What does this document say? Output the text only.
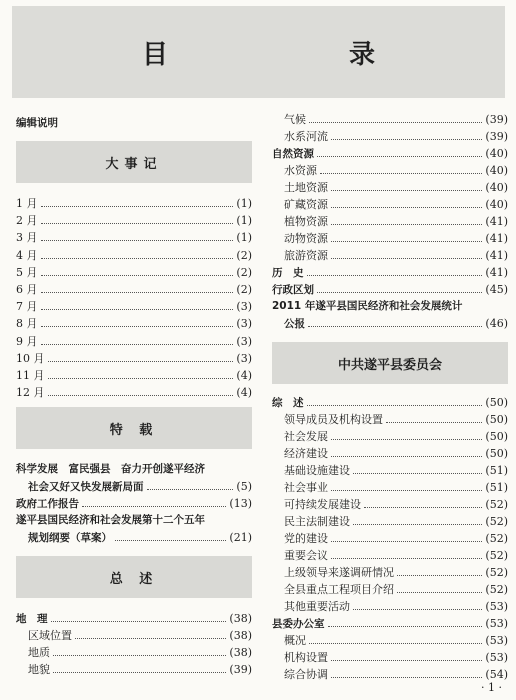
目 录
编辑说明
大事记
1 月	(1)
2 月	(1)
3 月	(1)
4 月	(2)
5 月	(2)
6 月	(2)
7 月	(3)
8 月	(3)
9 月	(3)
10 月	(3)
11 月	(4)
12 月	(4)
特 载
科学发展　富民强县　奋力开创遂平经济
社会又好又快发展新局面	(5)
政府工作报告	(13)
遂平县国民经济和社会发展第十二个五年
规划纲要（草案）	(21)
总 述
地　理	(38)
区域位置	(38)
地质	(38)
地貌	(39)
气候	(39)
水系河流	(39)
自然资源	(40)
水资源	(40)
土地资源	(40)
矿藏资源	(40)
植物资源	(41)
动物资源	(41)
旅游资源	(41)
历　史	(41)
行政区划	(45)
2011 年遂平县国民经济和社会发展统计
公报	(46)
中共遂平县委员会
综　述	(50)
领导成员及机构设置	(50)
社会发展	(50)
经济建设	(50)
基础设施建设	(51)
社会事业	(51)
可持续发展建设	(52)
民主法制建设	(52)
党的建设	(52)
重要会议	(52)
上级领导来遂调研情况	(52)
全县重点工程项目介绍	(52)
其他重要活动	(53)
县委办公室	(53)
概况	(53)
机构设置	(53)
综合协调	(54)
· 1 ·
